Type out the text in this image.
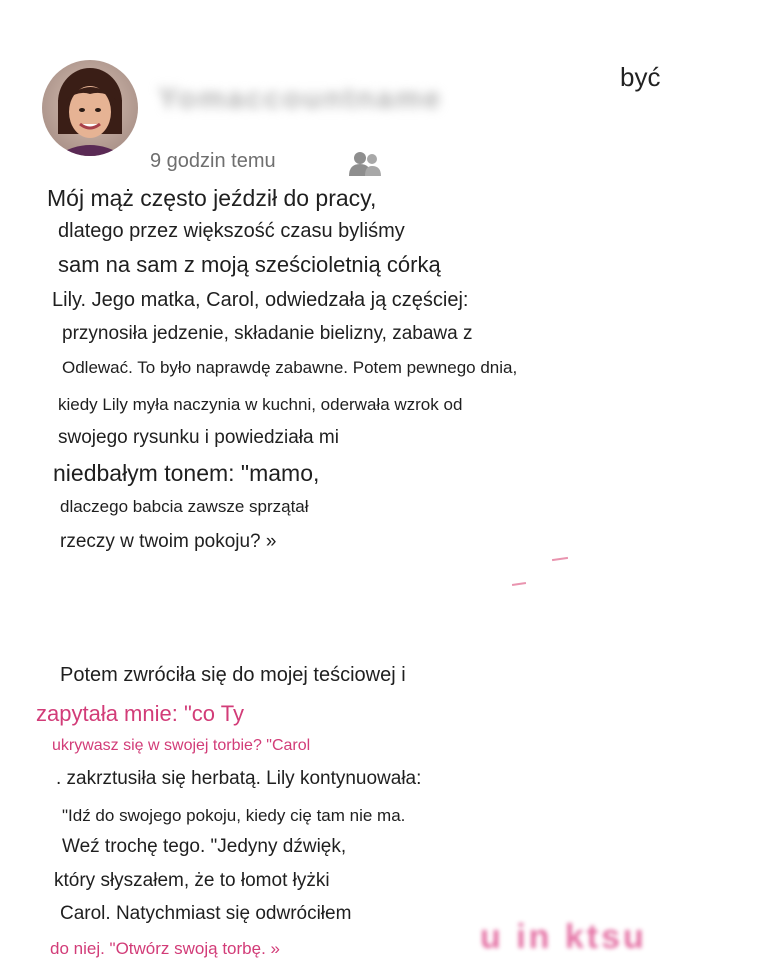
Yomaccountname
być
9 godzin temu
Mój mąż często jeździł do pracy,
dlatego przez większość czasu byliśmy
sam na sam z moją sześcioletnią córką
Lily. Jego matka, Carol, odwiedzała ją częściej:
przynosiła jedzenie, składanie bielizny, zabawa z
Odlewać. To było naprawdę zabawne. Potem pewnego dnia,
kiedy Lily myła naczynia w kuchni, oderwała wzrok od
swojego rysunku i powiedziała mi
niedbałym tonem: "mamo,
dlaczego babcia zawsze sprzątał
rzeczy w twoim pokoju? »
Potem zwróciła się do mojej teściowej i
zapytała mnie: "co Ty
ukrywasz się w swojej torbie? "Carol
. zakrztusiła się herbatą. Lily kontynuowała:
"Idź do swojego pokoju, kiedy cię tam nie ma.
Weź trochę tego. "Jedyny dźwięk,
który słyszałem, że to łomot łyżki
Carol. Natychmiast się odwróciłem
do niej. "Otwórz swoją torbę. »	u in ktsu
